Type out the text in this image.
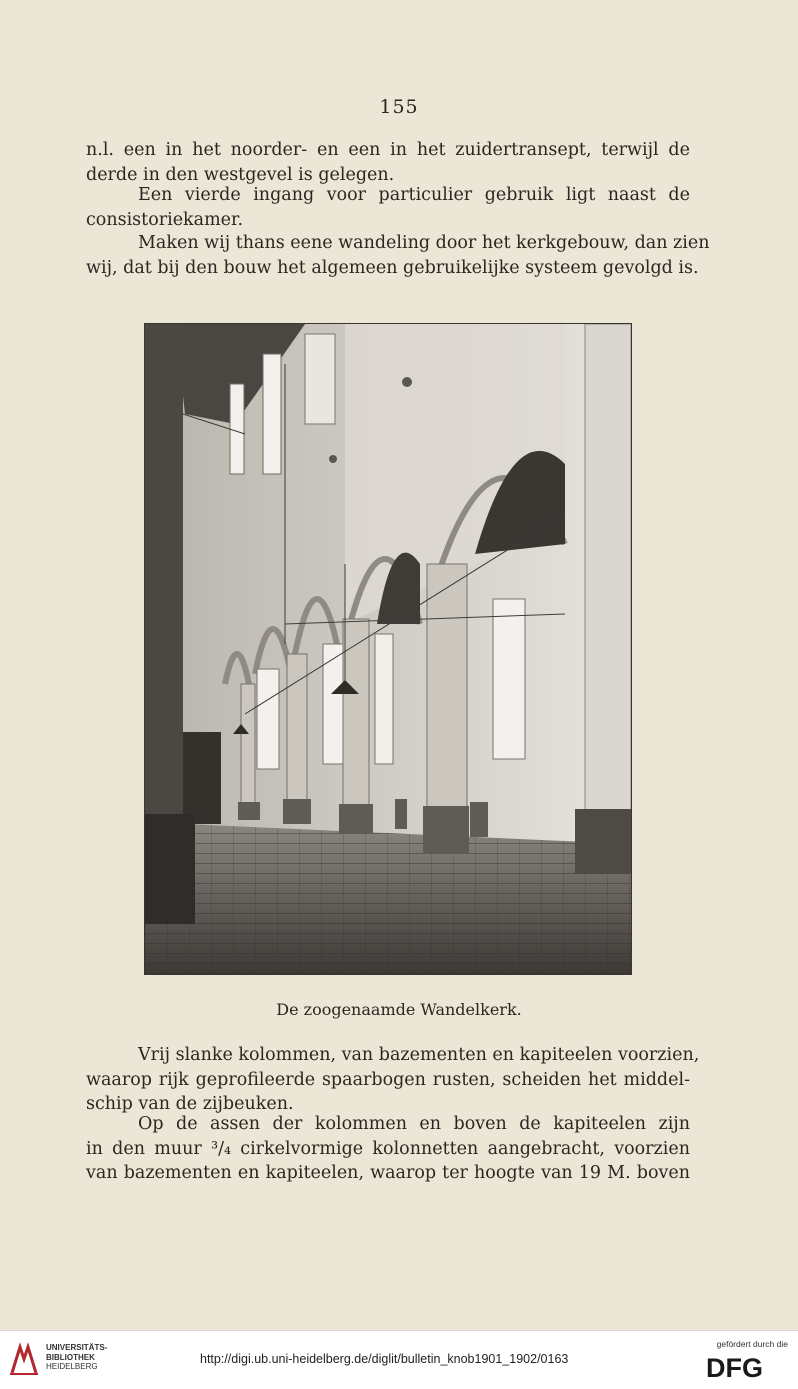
155
n.l. een in het noorder- en een in het zuidertransept, terwijl de
derde in den westgevel is gelegen.
Een vierde ingang voor particulier gebruik ligt naast de
consistoriekamer.
Maken wij thans eene wandeling door het kerkgebouw, dan zien
wij, dat bij den bouw het algemeen gebruikelijke systeem gevolgd is.
De zoogenaamde Wandelkerk.
Vrij slanke kolommen, van bazementen en kapiteelen voorzien,
waarop rijk geprofileerde spaarbogen rusten, scheiden het middel-
schip van de zijbeuken.
Op de assen der kolommen en boven de kapiteelen zijn
in den muur ³/₄ cirkelvormige kolonnetten aangebracht, voorzien
van bazementen en kapiteelen, waarop ter hoogte van 19 M. boven
UNIVERSITÄTS-
BIBLIOTHEK
HEIDELBERG
http://digi.ub.uni-heidelberg.de/diglit/bulletin_knob1901_1902/0163
gefördert durch die
DFG
